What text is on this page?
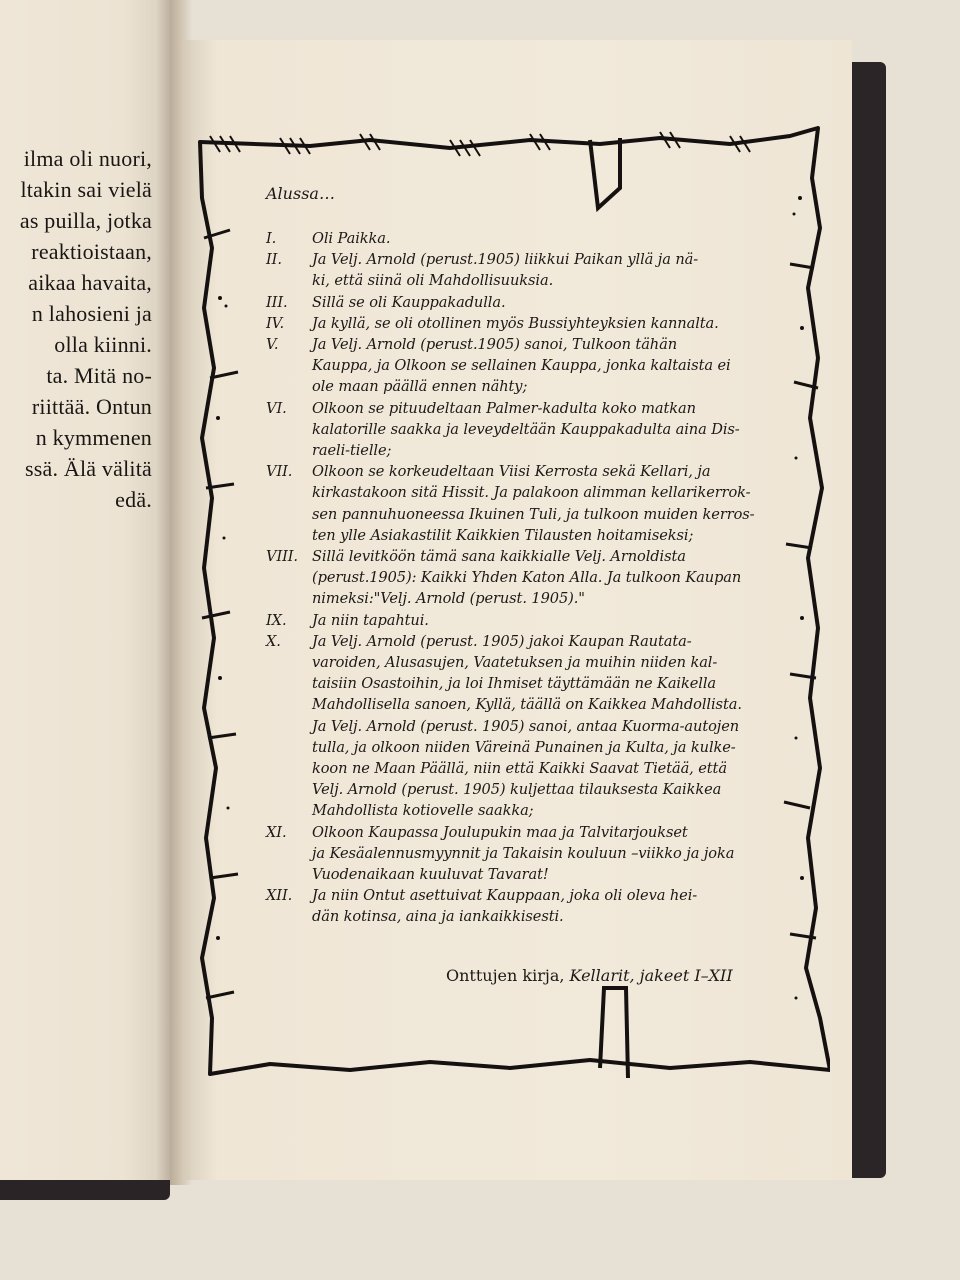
ilma oli nuori,
ltakin sai vielä
as puilla, jotka
reaktioistaan,
aikaa havaita,
n lahosieni ja
olla kiinni.
ta. Mitä no-
riittää. Ontun
n kymmenen
ssä. Älä välitä
edä.
Alussa…
I. Oli Paikka.
II. Ja Velj. Arnold (perust.1905) liikkui Paikan yllä ja nä-
ki, että siinä oli Mahdollisuuksia.
III. Sillä se oli Kauppakadulla.
IV. Ja kyllä, se oli otollinen myös Bussiyhteyksien kannalta.
V. Ja Velj. Arnold (perust.1905) sanoi, Tulkoon tähän
Kauppa, ja Olkoon se sellainen Kauppa, jonka kaltaista ei
ole maan päällä ennen nähty;
VI. Olkoon se pituudeltaan Palmer-kadulta koko matkan
kalatorille saakka ja leveydeltään Kauppakadulta aina Dis-
raeli-tielle;
VII. Olkoon se korkeudeltaan Viisi Kerrosta sekä Kellari, ja
kirkastakoon sitä Hissit. Ja palakoon alimman kellarikerrok-
sen pannuhuoneessa Ikuinen Tuli, ja tulkoon muiden kerros-
ten ylle Asiakastilit Kaikkien Tilausten hoitamiseksi;
VIII. Sillä levitköön tämä sana kaikkialle Velj. Arnoldista
(perust.1905): Kaikki Yhden Katon Alla. Ja tulkoon Kaupan
nimeksi:"Velj. Arnold (perust. 1905)."
IX. Ja niin tapahtui.
X. Ja Velj. Arnold (perust. 1905) jakoi Kaupan Rautata-
varoiden, Alusasujen, Vaatetuksen ja muihin niiden kal-
taisiin Osastoihin, ja loi Ihmiset täyttämään ne Kaikella
Mahdollisella sanoen, Kyllä, täällä on Kaikkea Mahdollista.
Ja Velj. Arnold (perust. 1905) sanoi, antaa Kuorma-autojen
tulla, ja olkoon niiden Väreinä Punainen ja Kulta, ja kulke-
koon ne Maan Päällä, niin että Kaikki Saavat Tietää, että
Velj. Arnold (perust. 1905) kuljettaa tilauksesta Kaikkea
Mahdollista kotiovelle saakka;
XI. Olkoon Kaupassa Joulupukin maa ja Talvitarjoukset
ja Kesäalennusmyynnit ja Takaisin kouluun –viikko ja joka
Vuodenaikaan kuuluvat Tavarat!
XII. Ja niin Ontut asettuivat Kauppaan, joka oli oleva hei-
dän kotinsa, aina ja iankaikkisesti.
Onttujen kirja, Kellarit, jakeet I–XII
